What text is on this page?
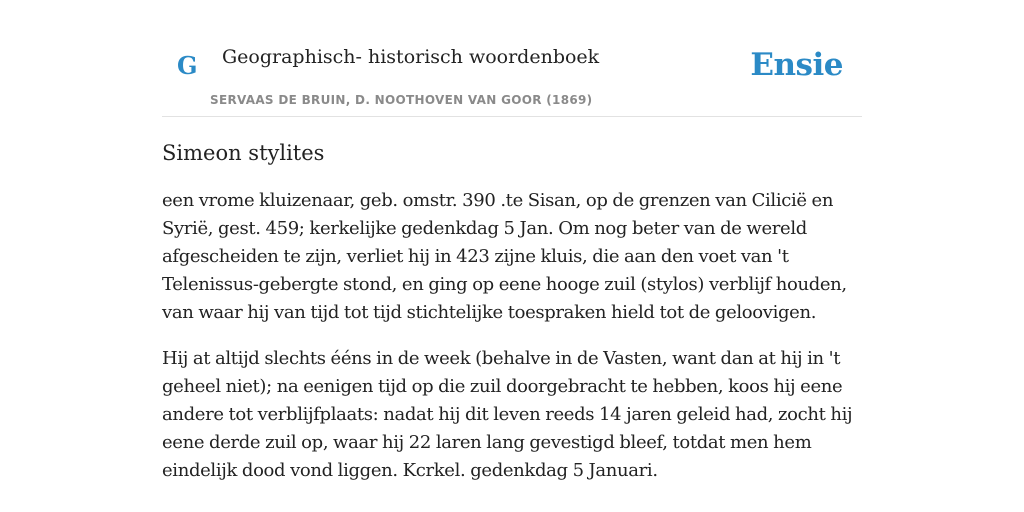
G Geographisch- historisch woordenboek
SERVAAS DE BRUIN, D. NOOTHOVEN VAN GOOR (1869)
Ensie
Simeon stylites

een vrome kluizenaar, geb. omstr. 390 .te Sisan, op de grenzen van Cilicië en Syrië, gest. 459; kerkelijke gedenkdag 5 Jan. Om nog beter van de wereld afgescheiden te zijn, verliet hij in 423 zijne kluis, die aan den voet van 't Telenissus-gebergte stond, en ging op eene hooge zuil (stylos) verblijf houden, van waar hij van tijd tot tijd stichtelijke toespraken hield tot de geloovigen.

Hij at altijd slechts ééns in de week (behalve in de Vasten, want dan at hij in 't geheel niet); na eenigen tijd op die zuil doorgebracht te hebben, koos hij eene andere tot verblijfplaats: nadat hij dit leven reeds 14 jaren geleid had, zocht hij eene derde zuil op, waar hij 22 laren lang gevestigd bleef, totdat men hem eindelijk dood vond liggen. Kcrkel. gedenkdag 5 Januari.
